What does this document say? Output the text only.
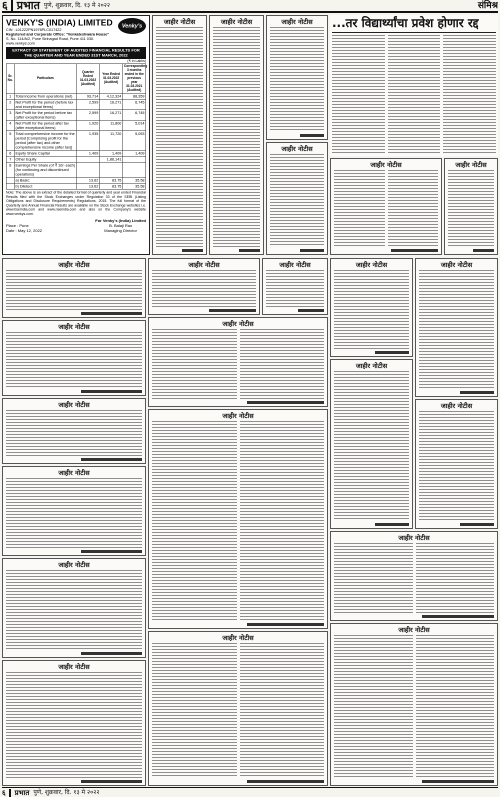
६ प्रभात पुणे, शुक्रवार, दि. १३ मे २०२२	संमिश्र
VENKY'S (INDIA) LIMITED
CIN : L01222PN1976PLC017422
Registered and Corporate Office: "Venkateshwara House"
S. No. 114/A/2, Pune Sinhagad Road, Pune 411 030. www.venkys.com
Venky's
EXTRACT OF STATEMENT OF AUDITED FINANCIAL RESULTS FOR THE QUARTER AND YEAR ENDED 31ST MARCH, 2022
(₹ in Lakhs)
Sr. No.	Particulars	Quarter Ended 31.03.2022 (Audited)	Year Ended 31.03.2022 (Audited)	Corresponding 3 months ended in the previous year 31.03.2021 (Audited)
1	Total income from operations (net)	93,714	4,12,324	88,359
2	Net Profit for the period (before tax and exceptional items)	2,599	16,271	6,745
3	Net Profit for the period before tax (after exceptional items)	2,599	16,271	6,745
4	Net Profit for the period after tax (after exceptional items)	1,920	11,800	5,014
5	Total comprehensive income for the period [Comprising profit for the period (after tax) and other comprehensive income (after tax)]	1,935	11,720	5,053
6	Equity Share Capital	1,409	1,409	1,409
7	Other Equity		1,86,141	
8	Earnings Per Share (of ₹ 10/- each) (for continuing and discontinued operations)			
	a) Basic:	13.62	83.75	35.58
	b) Diluted:	13.62	83.75	35.58
Note: The above is an extract of the detailed format of quarterly and year ended Financial Results filed with the Stock Exchanges under Regulation 33 of the SEBI (Listing Obligations and Disclosure Requirements) Regulations, 2015. The full format of the Quarterly and Annual Financial Results are available on the Stock Exchange websites i.e. www.bseindia.com and www.nseindia.com and also on the Company's website www.venkys.com.
Place : Pune
Date : May 12, 2022
For Venky's (India) Limited
B. Balaji Rao
Managing Director
जाहीर नोटीस	जाहीर नोटीस	जाहीर नोटीस
जाहीर नोटीस
...तर विद्यार्थ्यांचा प्रवेश होणार रद्द
जाहीर नोटीस	जाहीर नोटीस
जाहीर नोटीस
जाहीर नोटीस
जाहीर नोटीस
जाहीर नोटीस
जाहीर नोटीस
जाहीर नोटीस
जाहीर नोटीस	जाहीर नोटीस
जाहीर नोटीस
जाहीर नोटीस
जाहीर नोटीस
जाहीर नोटीस	जाहीर नोटीस
जाहीर नोटीस
जाहीर नोटीस
जाहीर नोटीस
जाहीर नोटीस
६	प्रभात पुणे, शुक्रवार, दि. १३ मे २०२२
